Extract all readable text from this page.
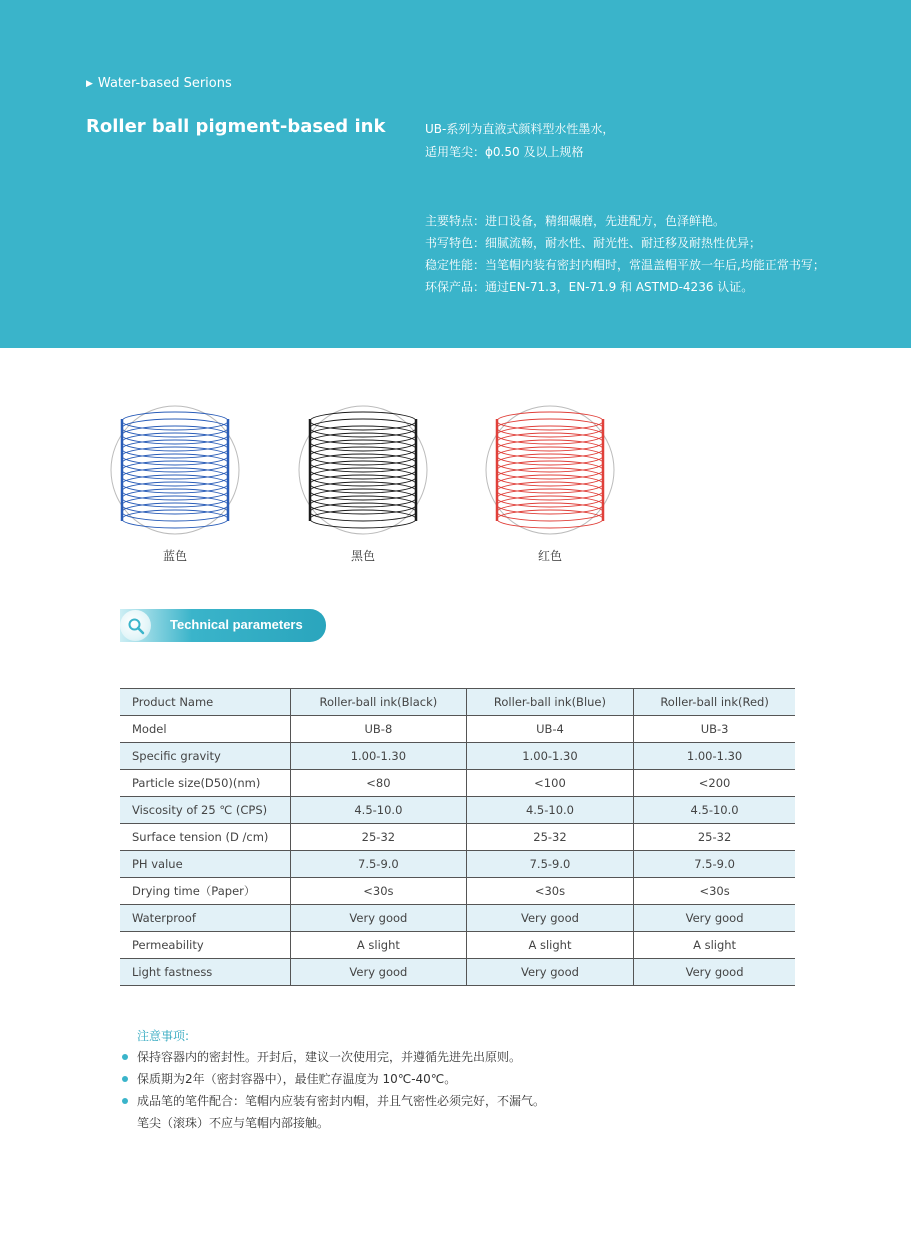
▶ Water-based Serions
Roller ball pigment-based ink	UB-系列为直液式颜料型水性墨水，
适用笔尖：ϕ0.50 及以上规格
主要特点：进口设备，精细碾磨，先进配方，色泽鲜艳。
书写特色：细腻流畅，耐水性、耐光性、耐迁移及耐热性优异；
稳定性能：当笔帽内装有密封内帽时，常温盖帽平放一年后,均能正常书写；
环保产品：通过EN-71.3，EN-71.9 和 ASTMD-4236 认证。
蓝色	黑色	红色
Technical parameters
Product Name	Roller-ball ink(Black)	Roller-ball ink(Blue)	Roller-ball ink(Red)
Model	UB-8	UB-4	UB-3
Specific gravity	1.00-1.30	1.00-1.30	1.00-1.30
Particle size(D50)(nm)	<80	<100	<200
Viscosity of 25 ℃ (CPS)	4.5-10.0	4.5-10.0	4.5-10.0
Surface tension (D /cm)	25-32	25-32	25-32
PH value	7.5-9.0	7.5-9.0	7.5-9.0
Drying time（Paper）	<30s	<30s	<30s
Waterproof	Very good	Very good	Very good
Permeability	A slight	A slight	A slight
Light fastness	Very good	Very good	Very good
注意事项:
保持容器内的密封性。开封后，建议一次使用完，并遵循先进先出原则。
保质期为2年（密封容器中），最佳贮存温度为 10℃-40℃。
成品笔的笔件配合：笔帽内应装有密封内帽，并且气密性必须完好，不漏气。
笔尖（滚珠）不应与笔帽内部接触。
